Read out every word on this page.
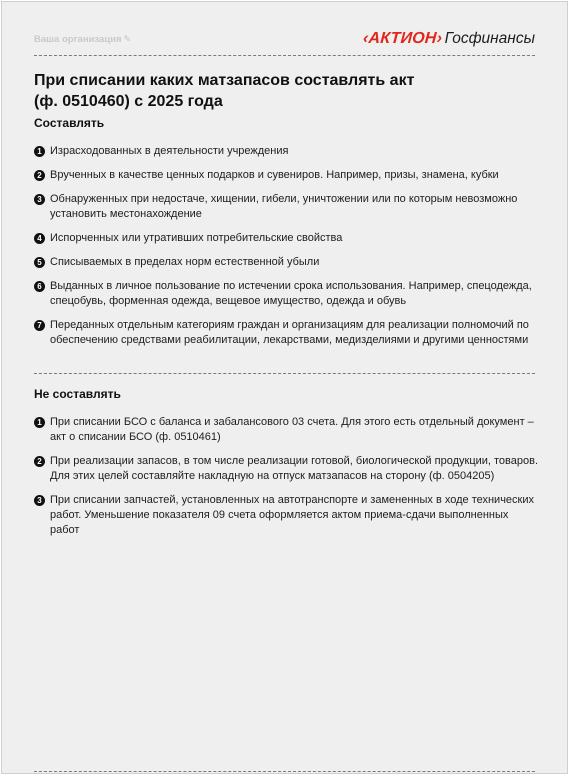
Ваша организация ✎	‹АКТИОН› Госфинансы
При списании каких матзапасов составлять акт
(ф. 0510460) с 2025 года
Составлять
1 Израсходованных в деятельности учреждения
2 Врученных в качестве ценных подарков и сувениров. Например, призы, знамена, кубки
3 Обнаруженных при недостаче, хищении, гибели, уничтожении или по которым невозможно установить местонахождение
4 Испорченных или утративших потребительские свойства
5 Списываемых в пределах норм естественной убыли
6 Выданных в личное пользование по истечении срока использования. Например, спецодежда, спецобувь, форменная одежда, вещевое имущество, одежда и обувь
7 Переданных отдельным категориям граждан и организациям для реализации полномочий по обеспечению средствами реабилитации, лекарствами, медизделиями и другими ценностями
Не составлять
1 При списании БСО с баланса и забалансового 03 счета. Для этого есть отдельный документ – акт о списании БСО (ф. 0510461)
2 При реализации запасов, в том числе реализации готовой, биологической продукции, товаров. Для этих целей составляйте накладную на отпуск матзапасов на сторону (ф. 0504205)
3 При списании запчастей, установленных на автотранспорте и замененных в ходе технических работ. Уменьшение показателя 09 счета оформляется актом приема-сдачи выполненных работ
